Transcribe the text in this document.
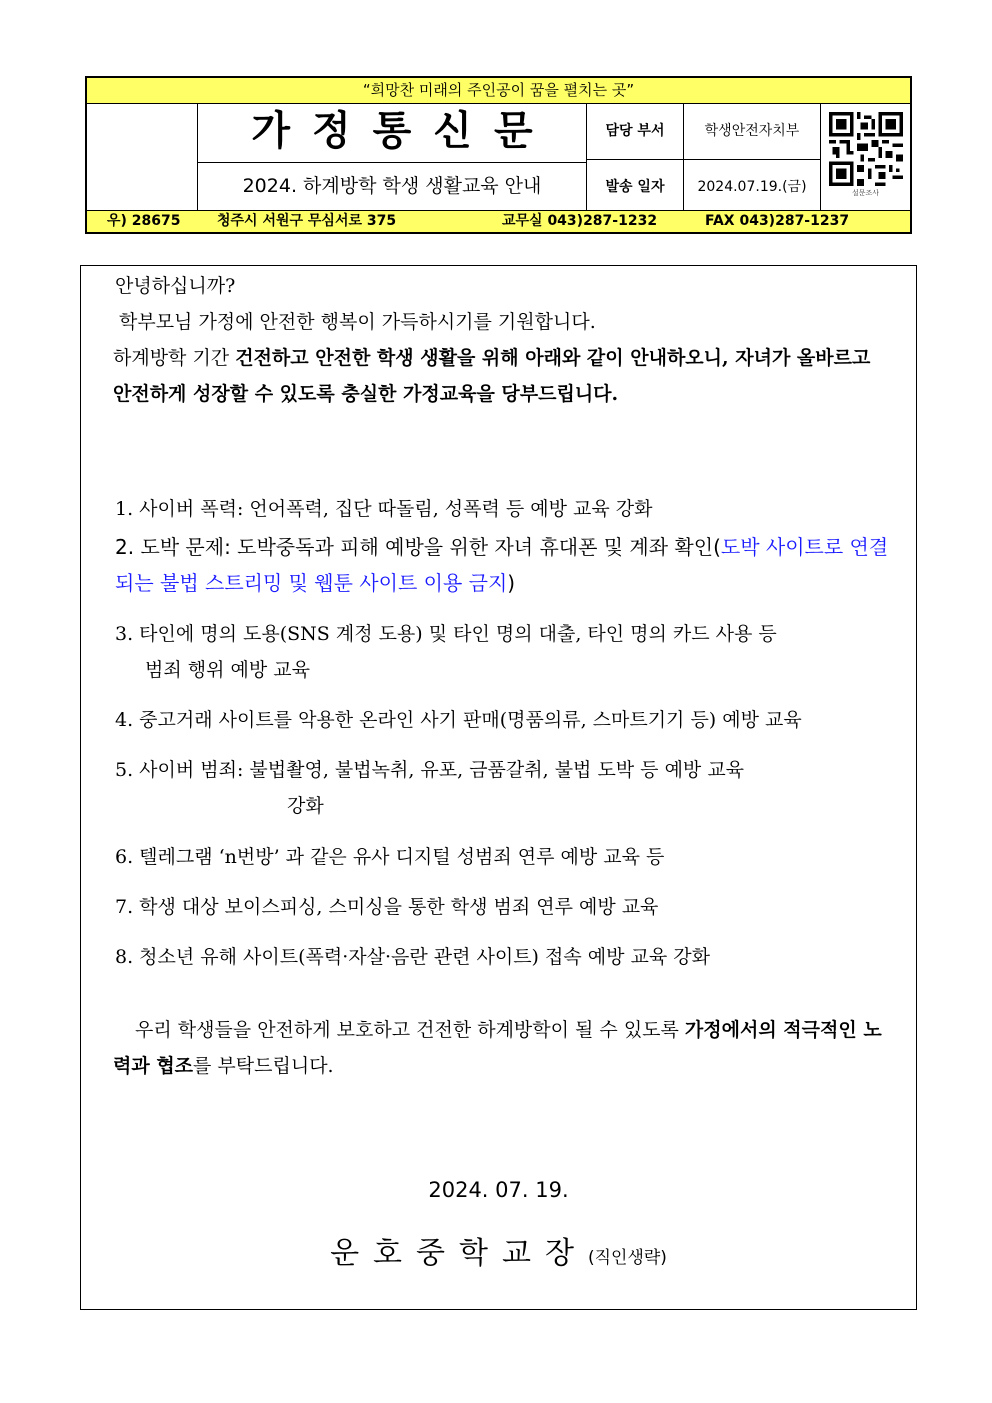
“희망찬 미래의 주인공이 꿈을 펼치는 곳”
가정통신문
2024. 하계방학 학생 생활교육 안내
담당 부서	학생안전자치부
발송 일자	2024.07.19.(금)	설문조사
우) 28675	청주시 서원구 무심서로 375	교무실 043)287-1232	FAX 043)287-1237
안녕하십니까?
학부모님 가정에 안전한 행복이 가득하시기를 기원합니다.
하계방학 기간 건전하고 안전한 학생 생활을 위해 아래와 같이 안내하오니, 자녀가 올바르고 안전하게 성장할 수 있도록 충실한 가정교육을 당부드립니다.
1. 사이버 폭력: 언어폭력, 집단 따돌림, 성폭력 등 예방 교육 강화
2. 도박 문제: 도박중독과 피해 예방을 위한 자녀 휴대폰 및 계좌 확인(도박 사이트로 연결되는 불법 스트리밍 및 웹툰 사이트 이용 금지)
3. 타인에 명의 도용(SNS 계정 도용) 및 타인 명의 대출, 타인 명의 카드 사용 등
범죄 행위 예방 교육
4. 중고거래 사이트를 악용한 온라인 사기 판매(명품의류, 스마트기기 등) 예방 교육
5. 사이버 범죄: 불법촬영, 불법녹취, 유포, 금품갈취, 불법 도박 등 예방 교육
강화
6. 텔레그램 ‘n번방’ 과 같은 유사 디지털 성범죄 연루 예방 교육 등
7. 학생 대상 보이스피싱, 스미싱을 통한 학생 범죄 연루 예방 교육
8. 청소년 유해 사이트(폭력·자살·음란 관련 사이트) 접속 예방 교육 강화
우리 학생들을 안전하게 보호하고 건전한 하계방학이 될 수 있도록 가정에서의 적극적인 노력과 협조를 부탁드립니다.
2024. 07. 19.
운호중학교장(직인생략)
